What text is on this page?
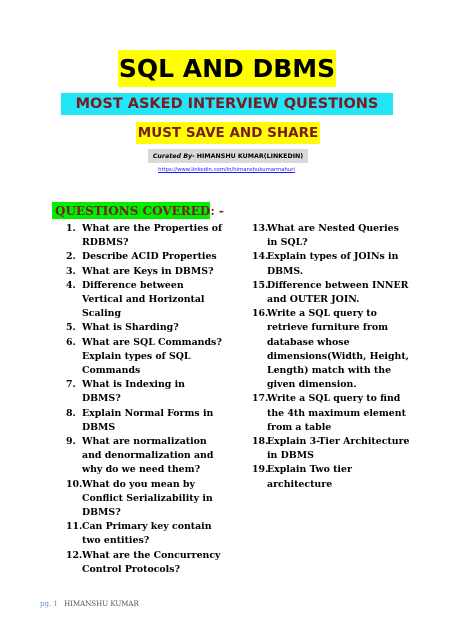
SQL AND DBMS
MOST ASKED INTERVIEW QUESTIONS
MUST SAVE AND SHARE
Curated By- HIMANSHU KUMAR(LINKEDIN)
https://www.linkedin.com/in/himanshukumarmahuri
QUESTIONS COVERED: -
1. What are the Properties of RDBMS?
2. Describe ACID Properties
3. What are Keys in DBMS?
4. Difference between Vertical and Horizontal Scaling
5. What is Sharding?
6. What are SQL Commands? Explain types of SQL Commands
7. What is Indexing in DBMS?
8. Explain Normal Forms in DBMS
9. What are normalization and denormalization and why do we need them?
10. What do you mean by Conflict Serializability in DBMS?
11. Can Primary key contain two entities?
12. What are the Concurrency Control Protocols?
13.
What are Nested Queries in SQL?
14.
Explain types of JOINs in DBMS.
15.
Difference between INNER and OUTER JOIN.
16.
Write a SQL query to retrieve furniture from database whose dimensions(Width, Height, Length) match with the given dimension.
17.
Write a SQL query to find the 4th maximum element from a table
18.
Explain 3-Tier Architecture in DBMS
19.
Explain Two tier architecture
pg. 1 HIMANSHU KUMAR
